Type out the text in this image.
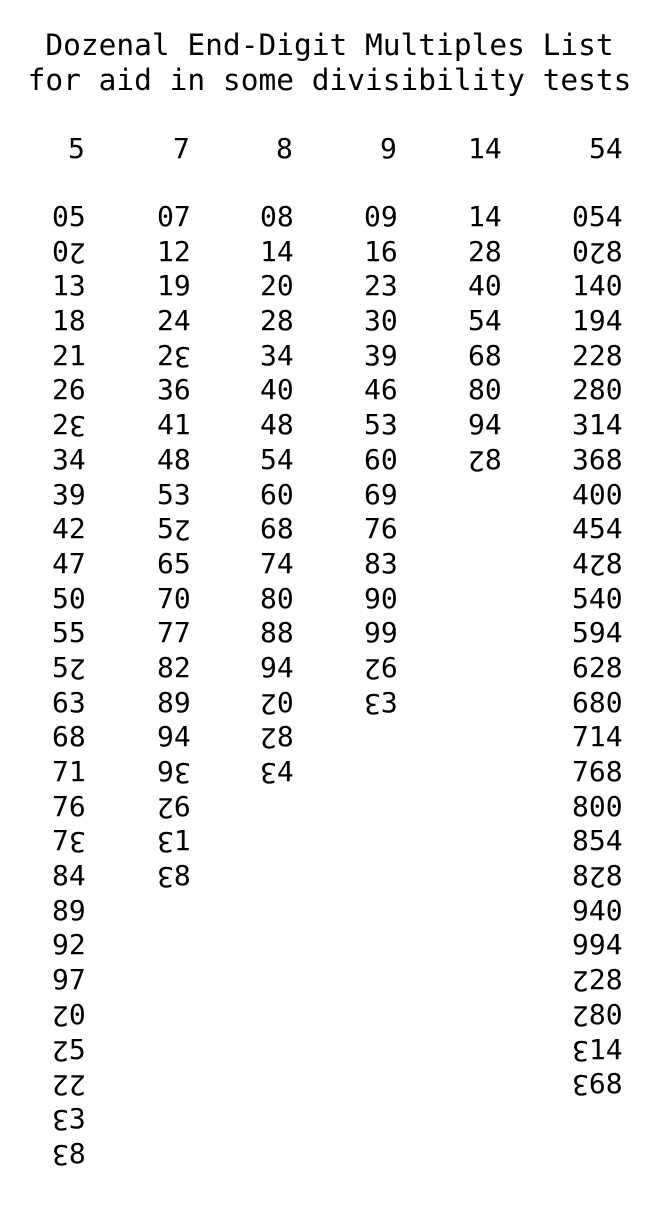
Dozenal End-Digit Multiples List
for aid in some divisibility tests

5

05
02
13
18
21
26
23
34
39
42
47
50
55
52
63
68
71
76
73
84
89
92
97
20
25
22
33
38

7

07
12
19
24
23
36
41
48
53
52
65
70
77
82
89
94
93
26
31
38

8

08
14
20
28
34
40
48
54
60
68
74
80
88
94
20
28
34

9

09
16
23
30
39
46
53
60
69
76
83
90
99
26
33

14

14
28
40
54
68
80
94
28

54

054
028
140
194
228
280
314
368
400
454
428
540
594
628
680
714
768
800
854
828
940
994
228
280
314
368
